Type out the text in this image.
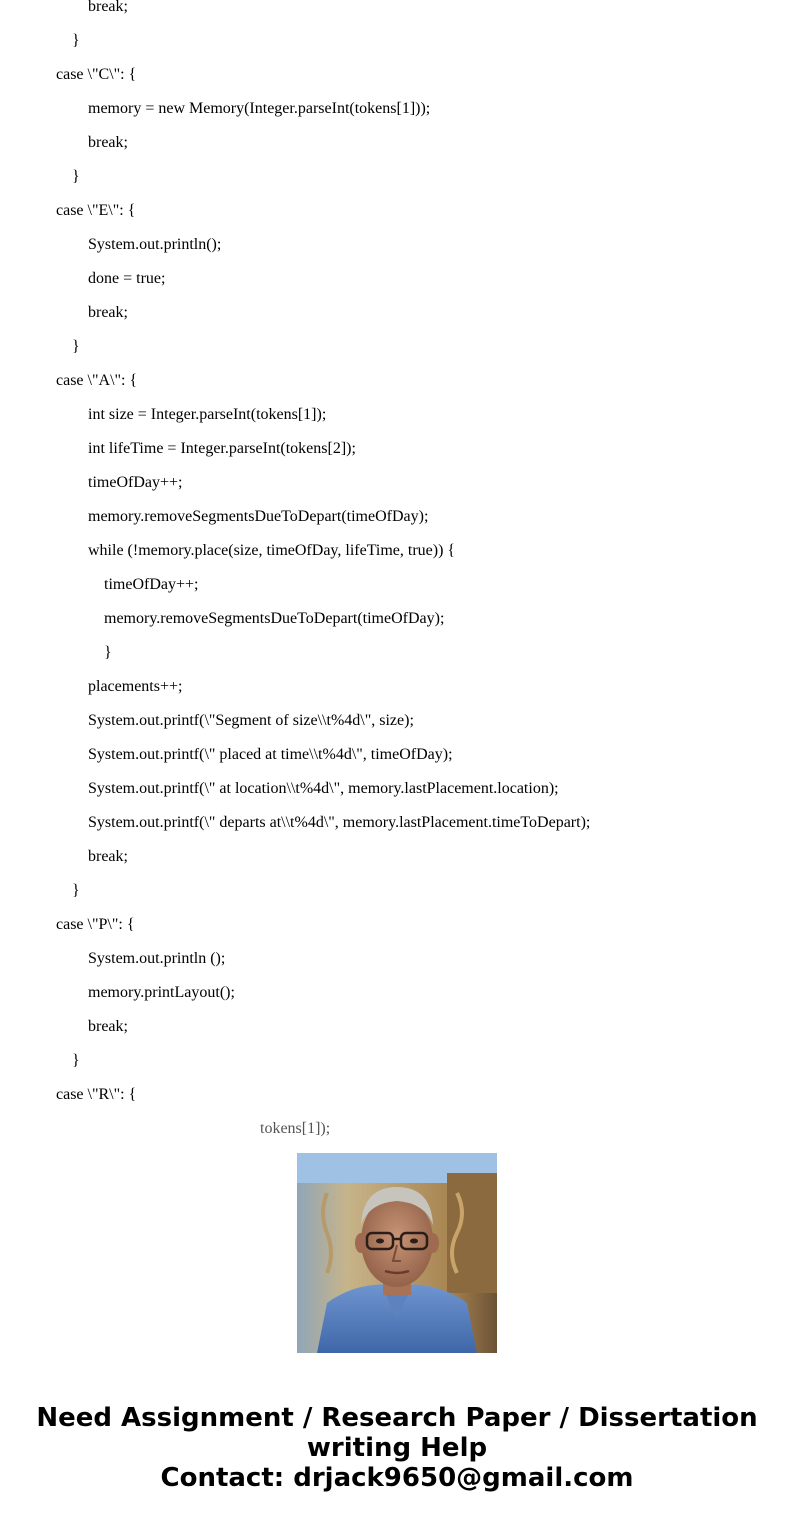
break;
}
case \"C\": {
memory = new Memory(Integer.parseInt(tokens[1]));
break;
}
case \"E\": {
System.out.println();
done = true;
break;
}
case \"A\": {
int size = Integer.parseInt(tokens[1]);
int lifeTime = Integer.parseInt(tokens[2]);
timeOfDay++;
memory.removeSegmentsDueToDepart(timeOfDay);
while (!memory.place(size, timeOfDay, lifeTime, true)) {
timeOfDay++;
memory.removeSegmentsDueToDepart(timeOfDay);
}
placements++;
System.out.printf(\"Segment of size\\t%4d\", size);
System.out.printf(\" placed at time\\t%4d\", timeOfDay);
System.out.printf(\" at location\\t%4d\", memory.lastPlacement.location);
System.out.printf(\" departs at\\t%4d\", memory.lastPlacement.timeToDepart);
break;
}
case \"P\": {
System.out.println ();
memory.printLayout();
break;
}
case \"R\": {
tokens[1]);
Need Assignment / Research Paper / Dissertation
writing Help
Contact: drjack9650@gmail.com
